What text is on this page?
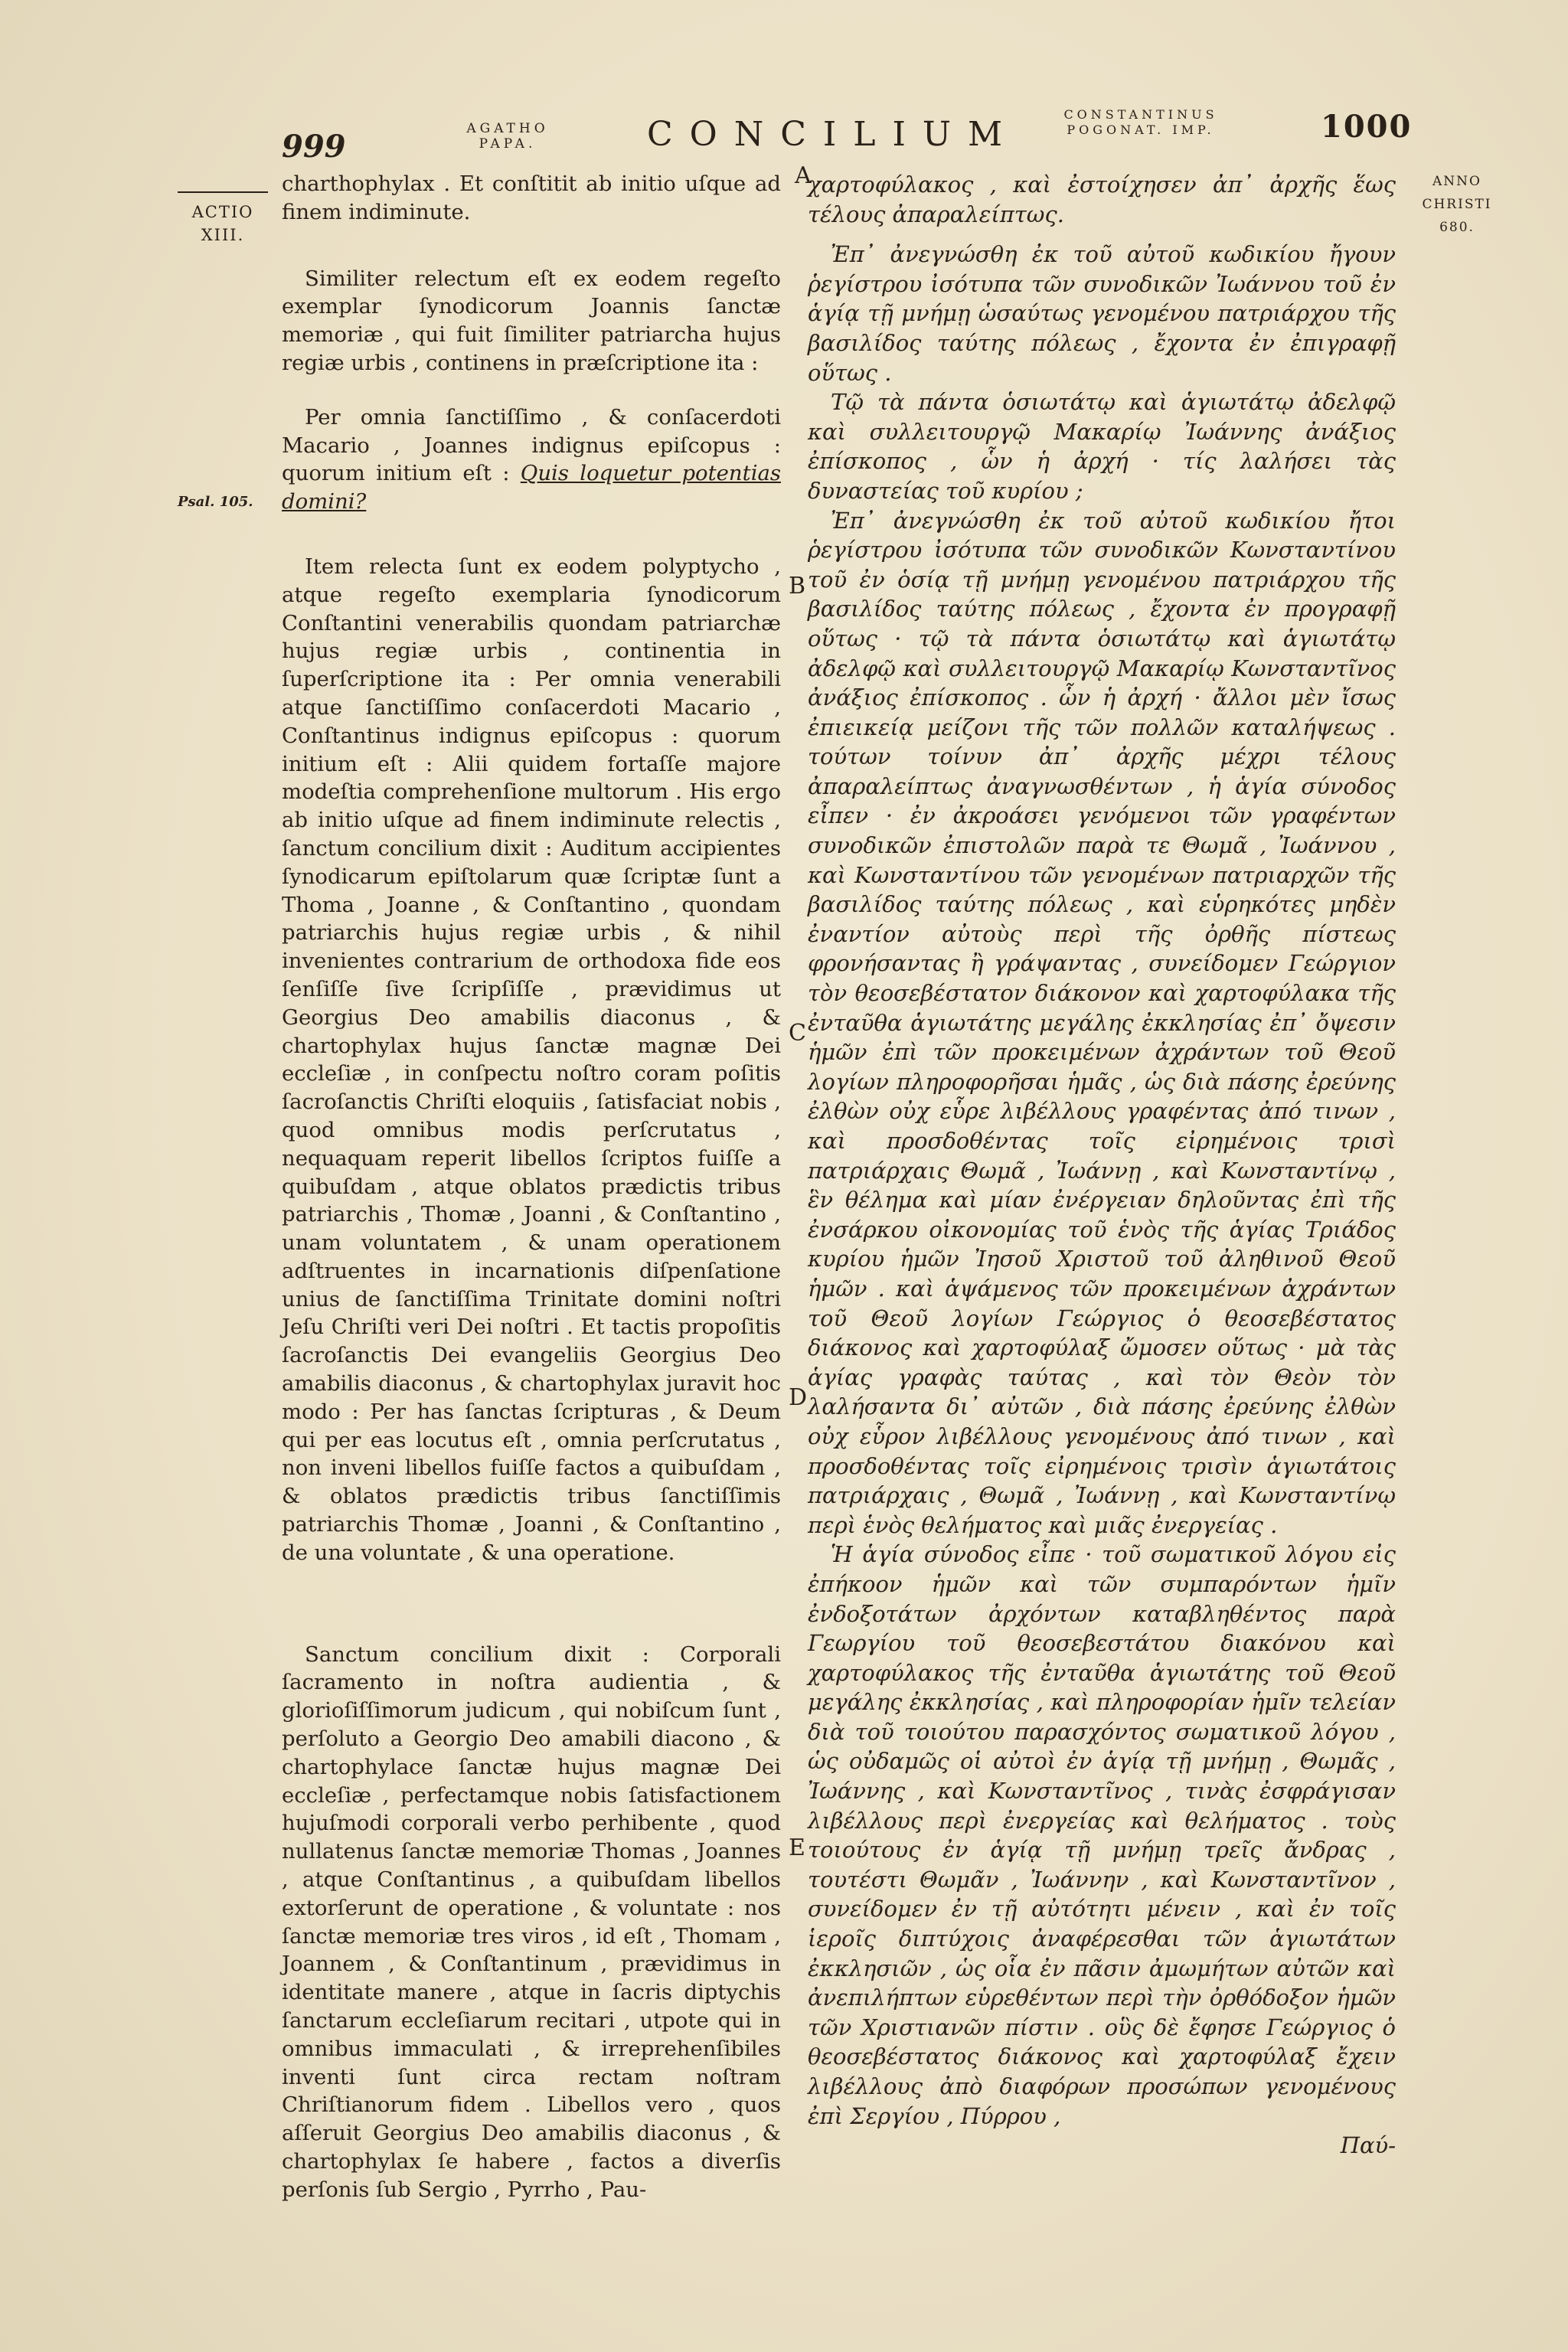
999	AGATHO
PAPA.	CONCILIUM
CONSTANTINUS
POGONAT. IMP.	1000
ACTIO
XIII.
Psal. 105.
ANNO
CHRISTI
680.
A
B
C
D
E

charthophylax . Et conſtitit ab initio uſque ad finem indiminute.

Similiter relectum eſt ex eodem regeſto exemplar ſynodicorum Joannis ſanctæ memoriæ , qui fuit ſimiliter patriarcha hujus regiæ urbis , continens in præſcriptione ita :

Per omnia ſanctiſſimo , & conſacerdoti Macario , Joannes indignus epiſcopus : quorum initium eſt : Quis loquetur potentias domini?

Item relecta ſunt ex eodem polyptycho , atque regeſto exemplaria ſynodicorum Conſtantini venerabilis quondam patriarchæ hujus regiæ urbis , continentia in ſuperſcriptione ita : Per omnia venerabili atque ſanctiſſimo conſacerdoti Macario , Conſtantinus indignus epiſcopus : quorum initium eſt : Alii quidem fortaſſe majore modeſtia comprehenſione multorum . His ergo ab initio uſque ad finem indiminute relectis , ſanctum concilium dixit : Auditum accipientes ſynodicarum epiſtolarum quæ ſcriptæ ſunt a Thoma , Joanne , & Conſtantino , quondam patriarchis hujus regiæ urbis , & nihil invenientes contrarium de orthodoxa fide eos ſenſiſſe ſive ſcripſiſſe , prævidimus ut Georgius Deo amabilis diaconus , & chartophylax hujus ſanctæ magnæ Dei eccleſiæ , in conſpectu noſtro coram poſitis ſacroſanctis Chriſti eloquiis , ſatisfaciat nobis , quod omnibus modis perſcrutatus , nequaquam reperit libellos ſcriptos fuiſſe a quibuſdam , atque oblatos prædictis tribus patriarchis , Thomæ , Joanni , & Conſtantino , unam voluntatem , & unam operationem adſtruentes in incarnationis diſpenſatione unius de ſanctiſſima Trinitate domini noſtri Jeſu Chriſti veri Dei noſtri . Et tactis propoſitis ſacroſanctis Dei evangeliis Georgius Deo amabilis diaconus , & chartophylax juravit hoc modo : Per has ſanctas ſcripturas , & Deum qui per eas locutus eſt , omnia perſcrutatus , non inveni libellos fuiſſe factos a quibuſdam , & oblatos prædictis tribus ſanctiſſimis patriarchis Thomæ , Joanni , & Conſtantino , de una voluntate , & una operatione.

Sanctum concilium dixit : Corporali ſacramento in noſtra audientia , & glorioſiſſimorum judicum , qui nobiſcum ſunt , perſoluto a Georgio Deo amabili diacono , & chartophylace ſanctæ hujus magnæ Dei eccleſiæ , perfectamque nobis ſatisfactionem hujuſmodi corporali verbo perhibente , quod nullatenus ſanctæ memoriæ Thomas , Joannes , atque Conſtantinus , a quibuſdam libellos extorſerunt de operatione , & voluntate : nos ſanctæ memoriæ tres viros , id eſt , Thomam , Joannem , & Conſtantinum , prævidimus in identitate manere , atque in ſacris diptychis ſanctarum eccleſiarum recitari , utpote qui in omnibus immaculati , & irreprehenſibiles inventi ſunt circa rectam noſtram Chriſtianorum fidem . Libellos vero , quos aſſeruit Georgius Deo amabilis diaconus , & chartophylax ſe habere , factos a diverſis perſonis ſub Sergio , Pyrrho , Pau-

χαρτοφύλακος , καὶ ἐστοίχησεν ἀπ᾽ ἀρχῆς ἕως τέλους ἀπαραλείπτως.

Ἐπ᾽ ἀνεγνώσθη ἐκ τοῦ αὐτοῦ κωδικίου ἤγουν ῥεγίστρου ἰσότυπα τῶν συνοδικῶν Ἰωάννου τοῦ ἐν ἁγίᾳ τῇ μνήμῃ ὡσαύτως γενομένου πατριάρχου τῆς βασιλίδος ταύτης πόλεως , ἔχοντα ἐν ἐπιγραφῇ οὕτως .

Τῷ τὰ πάντα ὁσιωτάτῳ καὶ ἁγιωτάτῳ ἀδελφῷ καὶ συλλειτουργῷ Μακαρίῳ Ἰωάννης ἀνάξιος ἐπίσκοπος , ὧν ἡ ἀρχή · τίς λαλήσει τὰς δυναστείας τοῦ κυρίου ;

Ἐπ᾽ ἀνεγνώσθη ἐκ τοῦ αὐτοῦ κωδικίου ἤτοι ῥεγίστρου ἰσότυπα τῶν συνοδικῶν Κωνσταντίνου τοῦ ἐν ὁσίᾳ τῇ μνήμῃ γενομένου πατριάρχου τῆς βασιλίδος ταύτης πόλεως , ἔχοντα ἐν προγραφῇ οὕτως · τῷ τὰ πάντα ὁσιωτάτῳ καὶ ἁγιωτάτῳ ἀδελφῷ καὶ συλλειτουργῷ Μακαρίῳ Κωνσταντῖνος ἀνάξιος ἐπίσκοπος . ὧν ἡ ἀρχή · ἄλλοι μὲν ἴσως ἐπιεικείᾳ μείζονι τῆς τῶν πολλῶν καταλήψεως . τούτων τοίνυν ἀπ᾽ ἀρχῆς μέχρι τέλους ἀπαραλείπτως ἀναγνωσθέντων , ἡ ἁγία σύνοδος εἶπεν · ἐν ἀκροάσει γενόμενοι τῶν γραφέντων συνοδικῶν ἐπιστολῶν παρὰ τε Θωμᾶ , Ἰωάννου , καὶ Κωνσταντίνου τῶν γενομένων πατριαρχῶν τῆς βασιλίδος ταύτης πόλεως , καὶ εὑρηκότες μηδὲν ἐναντίον αὐτοὺς περὶ τῆς ὀρθῆς πίστεως φρονήσαντας ἢ γράψαντας , συνείδομεν Γεώργιον τὸν θεοσεβέστατον διάκονον καὶ χαρτοφύλακα τῆς ἐνταῦθα ἁγιωτάτης μεγάλης ἐκκλησίας ἐπ᾽ ὄψεσιν ἡμῶν ἐπὶ τῶν προκειμένων ἀχράντων τοῦ Θεοῦ λογίων πληροφορῆσαι ἡμᾶς , ὡς διὰ πάσης ἐρεύνης ἐλθὼν οὐχ εὗρε λιβέλλους γραφέντας ἀπό τινων , καὶ προσδοθέντας τοῖς εἰρημένοις τρισὶ πατριάρχαις Θωμᾶ , Ἰωάννῃ , καὶ Κωνσταντίνῳ , ἓν θέλημα καὶ μίαν ἐνέργειαν δηλοῦντας ἐπὶ τῆς ἐνσάρκου οἰκονομίας τοῦ ἑνὸς τῆς ἁγίας Τριάδος κυρίου ἡμῶν Ἰησοῦ Χριστοῦ τοῦ ἀληθινοῦ Θεοῦ ἡμῶν . καὶ ἁψάμενος τῶν προκειμένων ἀχράντων τοῦ Θεοῦ λογίων Γεώργιος ὁ θεοσεβέστατος διάκονος καὶ χαρτοφύλαξ ὤμοσεν οὕτως · μὰ τὰς ἁγίας γραφὰς ταύτας , καὶ τὸν Θεὸν τὸν λαλήσαντα δι᾽ αὐτῶν , διὰ πάσης ἐρεύνης ἐλθὼν οὐχ εὗρον λιβέλλους γενομένους ἀπό τινων , καὶ προσδοθέντας τοῖς εἰρημένοις τρισὶν ἁγιωτάτοις πατριάρχαις , Θωμᾶ , Ἰωάννῃ , καὶ Κωνσταντίνῳ περὶ ἑνὸς θελήματος καὶ μιᾶς ἐνεργείας .

Ἡ ἁγία σύνοδος εἶπε · τοῦ σωματικοῦ λόγου εἰς ἐπήκοον ἡμῶν καὶ τῶν συμπαρόντων ἡμῖν ἐνδοξοτάτων ἀρχόντων καταβληθέντος παρὰ Γεωργίου τοῦ θεοσεβεστάτου διακόνου καὶ χαρτοφύλακος τῆς ἐνταῦθα ἁγιωτάτης τοῦ Θεοῦ μεγάλης ἐκκλησίας , καὶ πληροφορίαν ἡμῖν τελείαν διὰ τοῦ τοιούτου παρασχόντος σωματικοῦ λόγου , ὡς οὐδαμῶς οἱ αὐτοὶ ἐν ἁγίᾳ τῇ μνήμῃ , Θωμᾶς , Ἰωάννης , καὶ Κωνσταντῖνος , τινὰς ἐσφράγισαν λιβέλλους περὶ ἐνεργείας καὶ θελήματος . τοὺς τοιούτους ἐν ἁγίᾳ τῇ μνήμῃ τρεῖς ἄνδρας , τουτέστι Θωμᾶν , Ἰωάννην , καὶ Κωνσταντῖνον , συνείδομεν ἐν τῇ αὐτότητι μένειν , καὶ ἐν τοῖς ἱεροῖς διπτύχοις ἀναφέρεσθαι τῶν ἁγιωτάτων ἐκκλησιῶν , ὡς οἷα ἐν πᾶσιν ἀμωμήτων αὐτῶν καὶ ἀνεπιλήπτων εὑρεθέντων περὶ τὴν ὀρθόδοξον ἡμῶν τῶν Χριστιανῶν πίστιν . οὓς δὲ ἔφησε Γεώργιος ὁ θεοσεβέστατος διάκονος καὶ χαρτοφύλαξ ἔχειν λιβέλλους ἀπὸ διαφόρων προσώπων γενομένους ἐπὶ Σεργίου , Πύρρου ,

Παύ-
